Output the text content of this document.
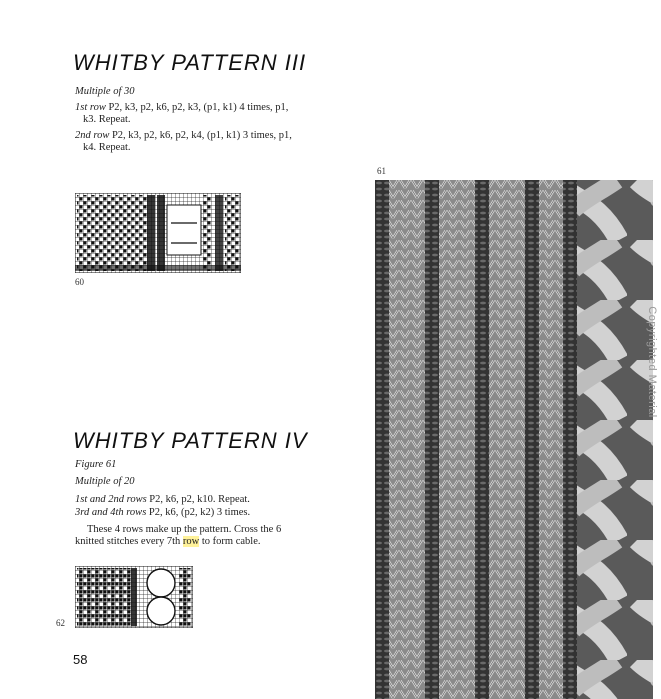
WHITBY PATTERN III
Multiple of 30
1st row P2, k3, p2, k6, p2, k3, (p1, k1) 4 times, p1,
k3. Repeat.
2nd row P2, k3, p2, k6, p2, k4, (p1, k1) 3 times, p1,
k4. Repeat.
60
WHITBY PATTERN IV
Figure 61
Multiple of 20
1st and 2nd rows P2, k6, p2, k10. Repeat.
3rd and 4th rows P2, k6, (p2, k2) 3 times.
These 4 rows make up the pattern. Cross the 6
knitted stitches every 7th row to form cable.
62
58
61
Copyrighted Material
